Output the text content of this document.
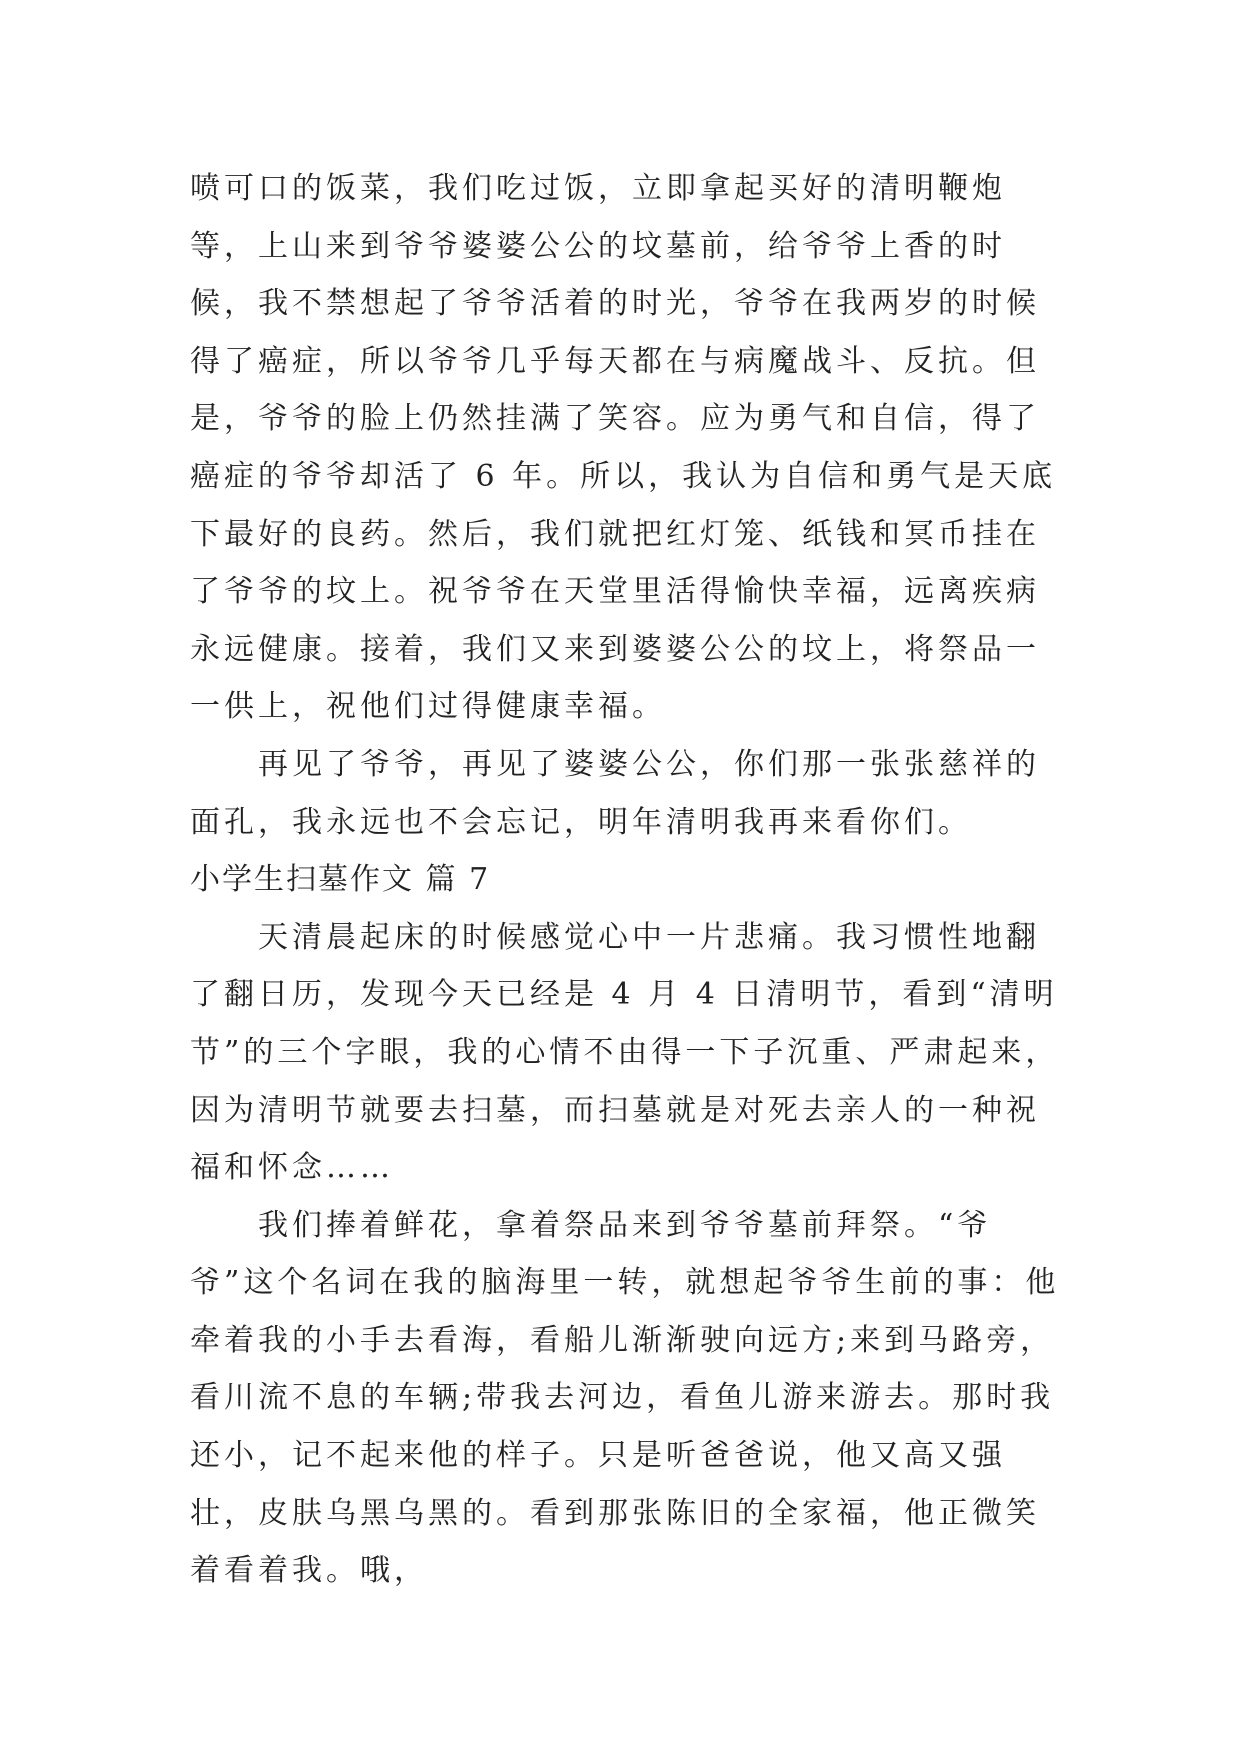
喷可口的饭菜，我们吃过饭，立即拿起买好的清明鞭炮等，上山来到爷爷婆婆公公的坟墓前，给爷爷上香的时候，我不禁想起了爷爷活着的时光，爷爷在我两岁的时候得了癌症，所以爷爷几乎每天都在与病魔战斗、反抗。但是，爷爷的脸上仍然挂满了笑容。应为勇气和自信，得了癌症的爷爷却活了 6 年。所以，我认为自信和勇气是天底下最好的良药。然后，我们就把红灯笼、纸钱和冥币挂在了爷爷的坟上。祝爷爷在天堂里活得愉快幸福，远离疾病永远健康。接着，我们又来到婆婆公公的坟上，将祭品一一供上，祝他们过得健康幸福。

再见了爷爷，再见了婆婆公公，你们那一张张慈祥的面孔，我永远也不会忘记，明年清明我再来看你们。

小学生扫墓作文 篇 7

天清晨起床的时候感觉心中一片悲痛。我习惯性地翻了翻日历，发现今天已经是 4 月 4 日清明节，看到“清明节”的三个字眼，我的心情不由得一下子沉重、严肃起来，因为清明节就要去扫墓，而扫墓就是对死去亲人的一种祝福和怀念……

我们捧着鲜花，拿着祭品来到爷爷墓前拜祭。“爷爷”这个名词在我的脑海里一转，就想起爷爷生前的事：他牵着我的小手去看海，看船儿渐渐驶向远方;来到马路旁，看川流不息的车辆;带我去河边，看鱼儿游来游去。那时我还小，记不起来他的样子。只是听爸爸说，他又高又强壮，皮肤乌黑乌黑的。看到那张陈旧的全家福，他正微笑着看着我。哦，
